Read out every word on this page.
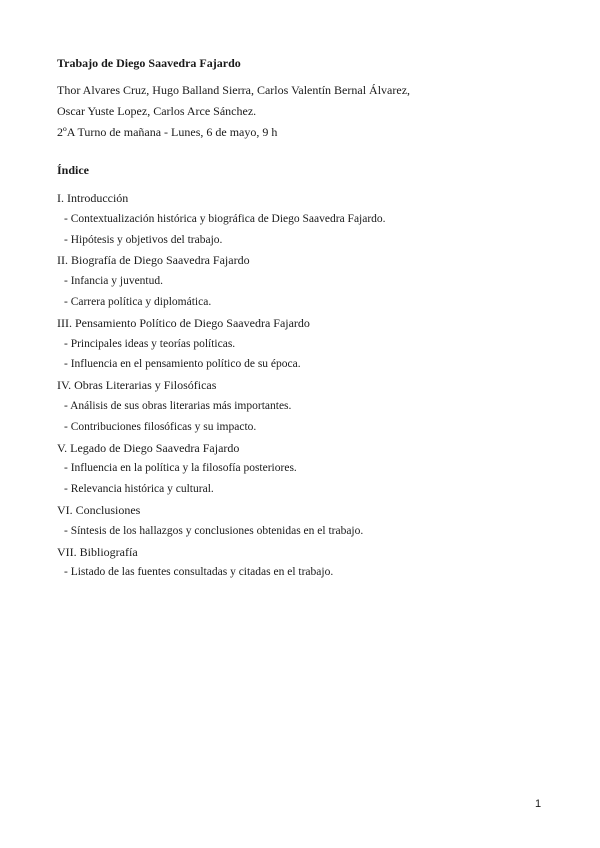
Trabajo de Diego Saavedra Fajardo
Thor Alvares Cruz, Hugo Balland Sierra, Carlos Valentín Bernal Álvarez,
Oscar Yuste Lopez, Carlos Arce Sánchez.
2ºA Turno de mañana - Lunes, 6 de mayo, 9 h
Índice
I. Introducción
- Contextualización histórica y biográfica de Diego Saavedra Fajardo.
- Hipótesis y objetivos del trabajo.
II. Biografía de Diego Saavedra Fajardo
- Infancia y juventud.
- Carrera política y diplomática.
III. Pensamiento Político de Diego Saavedra Fajardo
- Principales ideas y teorías políticas.
- Influencia en el pensamiento político de su época.
IV. Obras Literarias y Filosóficas
- Análisis de sus obras literarias más importantes.
- Contribuciones filosóficas y su impacto.
V. Legado de Diego Saavedra Fajardo
- Influencia en la política y la filosofía posteriores.
- Relevancia histórica y cultural.
VI. Conclusiones
- Síntesis de los hallazgos y conclusiones obtenidas en el trabajo.
VII. Bibliografía
- Listado de las fuentes consultadas y citadas en el trabajo.
1
